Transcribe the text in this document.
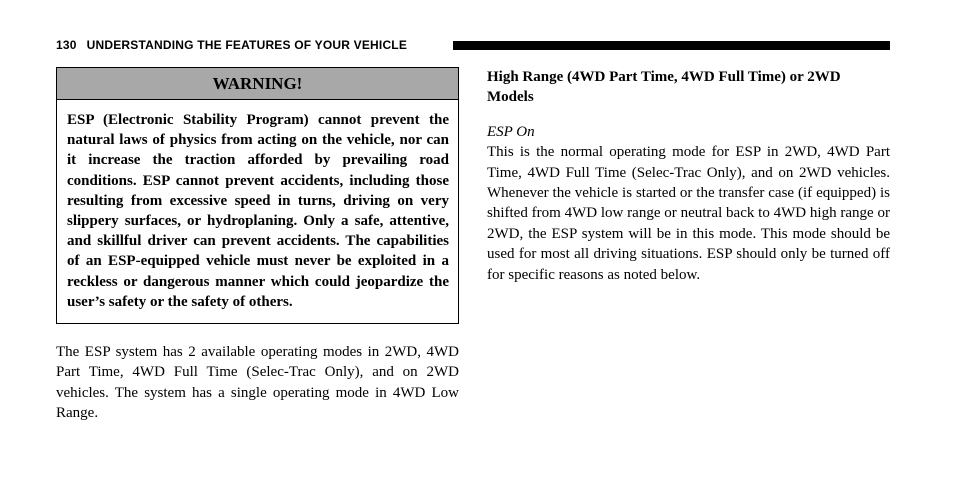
130 UNDERSTANDING THE FEATURES OF YOUR VEHICLE
WARNING!
ESP (Electronic Stability Program) cannot prevent the natural laws of physics from acting on the vehicle, nor can it increase the traction afforded by prevailing road conditions. ESP cannot prevent accidents, including those resulting from excessive speed in turns, driving on very slippery surfaces, or hydroplaning. Only a safe, attentive, and skillful driver can prevent accidents. The capabilities of an ESP-equipped vehicle must never be exploited in a reckless or dangerous manner which could jeopardize the user’s safety or the safety of others.

The ESP system has 2 available operating modes in 2WD, 4WD Part Time, 4WD Full Time (Selec-Trac Only), and on 2WD vehicles. The system has a single operating mode in 4WD Low Range.

High Range (4WD Part Time, 4WD Full Time) or 2WD Models
ESP On
This is the normal operating mode for ESP in 2WD, 4WD Part Time, 4WD Full Time (Selec-Trac Only), and on 2WD vehicles. Whenever the vehicle is started or the transfer case (if equipped) is shifted from 4WD low range or neutral back to 4WD high range or 2WD, the ESP system will be in this mode. This mode should be used for most all driving situations. ESP should only be turned off for specific reasons as noted below.
